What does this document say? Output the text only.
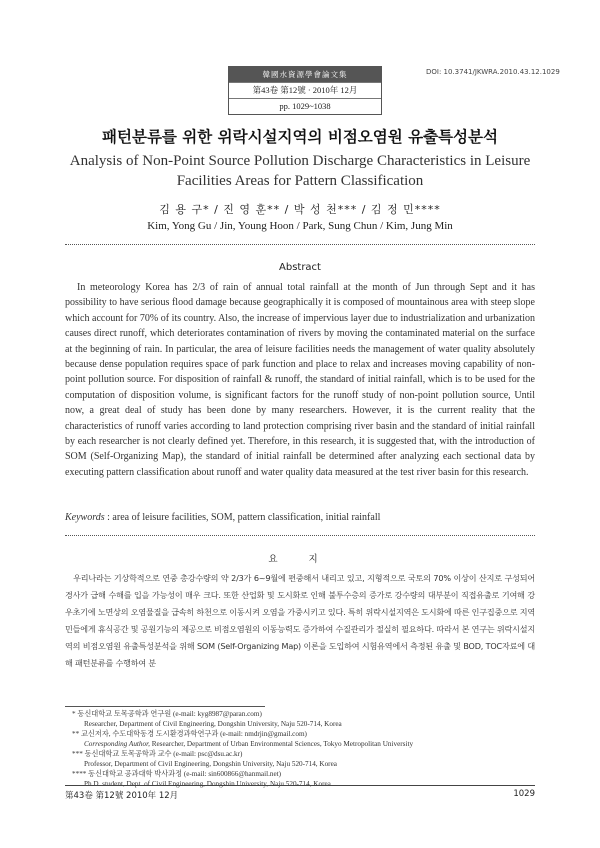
韓國水資源學會論文集
第43卷 第12號 · 2010年 12月
pp. 1029~1038
DOI: 10.3741/JKWRA.2010.43.12.1029
패턴분류를 위한 위락시설지역의 비점오염원 유출특성분석
Analysis of Non-Point Source Pollution Discharge Characteristics in Leisure Facilities Areas for Pattern Classification
김 용 구* / 진 영 훈** / 박 성 천*** / 김 정 민****
Kim, Yong Gu / Jin, Young Hoon / Park, Sung Chun / Kim, Jung Min
Abstract
In meteorology Korea has 2/3 of rain of annual total rainfall at the month of Jun through Sept and it has possibility to have serious flood damage because geographically it is composed of mountainous area with steep slope which account for 70% of its country. Also, the increase of impervious layer due to industrialization and urbanization causes direct runoff, which deteriorates contamination of rivers by moving the contaminated material on the surface at the beginning of rain. In particular, the area of leisure facilities needs the management of water quality absolutely because dense population requires space of park function and place to relax and increases moving capability of non-point pollution source. For disposition of rainfall & runoff, the standard of initial rainfall, which is to be used for the computation of disposition volume, is significant factors for the runoff study of non-point pollution source, Until now, a great deal of study has been done by many researchers. However, it is the current reality that the characteristics of runoff varies according to land protection comprising river basin and the standard of initial rainfall by each researcher is not clearly defined yet. Therefore, in this research, it is suggested that, with the introduction of SOM (Self-Organizing Map), the standard of initial rainfall be determined after analyzing each sectional data by executing pattern classification about runoff and water quality data measured at the test river basin for this research.
Keywords : area of leisure facilities, SOM, pattern classification, initial rainfall
요 지
우리나라는 기상학적으로 연중 총강수량의 약 2/3가 6~9월에 편중해서 내리고 있고, 지형적으로 국토의 70% 이상이 산지로 구성되어 경사가 급해 수해를 입을 가능성이 매우 크다. 또한 산업화 및 도시화로 인해 불투수층의 증가로 강수량의 대부분이 직접유출로 기여해 강우초기에 노면상의 오염물질을 급속히 하천으로 이동시켜 오염을 가중시키고 있다. 특히 위락시설지역은 도시화에 따른 인구집중으로 지역민들에게 휴식공간 및 공원기능의 제공으로 비점오염원의 이동능력도 증가하여 수질관리가 절실히 필요하다. 따라서 본 연구는 위락시설지역의 비점오염원 유출특성분석을 위해 SOM (Self-Organizing Map) 이론을 도입하여 시험유역에서 측정된 유출 및 BOD, TOC자료에 대해 패턴분류를 수행하여 분
* 동신대학교 토목공학과 연구원 (e-mail: kyg8987@paran.com)
Researcher, Department of Civil Engineering, Dongshin University, Naju 520-714, Korea
** 교신저자, 수도대학동경 도시환경과학연구과 (e-mail: nmdrjin@gmail.com)
Corresponding Author, Researcher, Department of Urban Environmental Sciences, Tokyo Metropolitan University
*** 동신대학교 토목공학과 교수 (e-mail: psc@dsu.ac.kr)
Professor, Department of Civil Engineering, Dongshin University, Naju 520-714, Korea
**** 동신대학교 공과대학 박사과정 (e-mail: sin600866@hanmail.net)
Ph.D. student, Dept. of Civil Engineering, Dongshin University, Naju 520-714, Korea
第43卷 第12號 2010年 12月	1029
